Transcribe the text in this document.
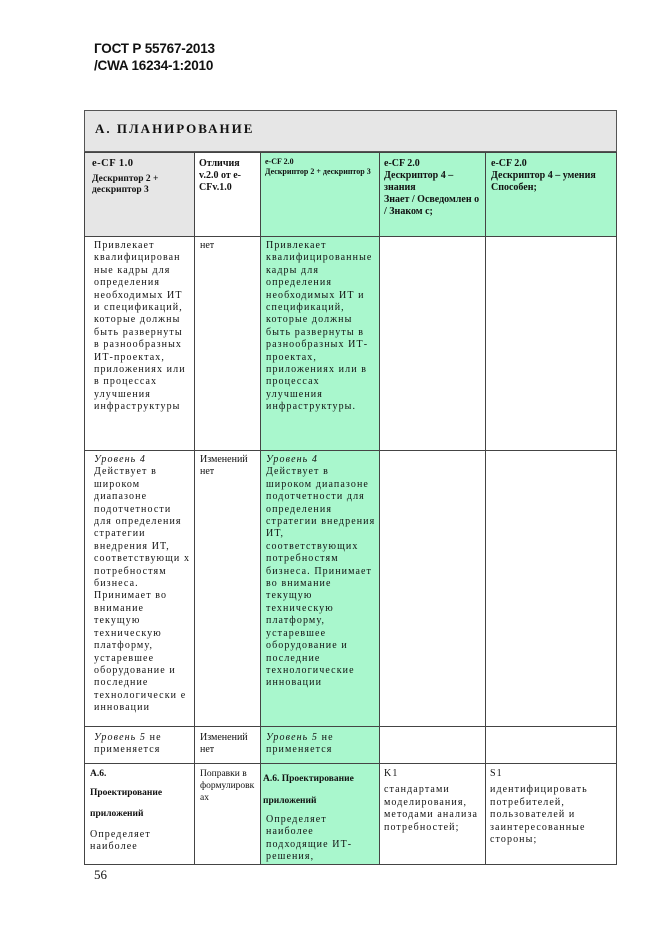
ГОСТ Р 55767-2013
/CWA 16234-1:2010
А. ПЛАНИРОВАНИЕ
e-CF 1.0
Дескриптор 2 + дескриптор 3
Отличия v.2.0 от e-CFv.1.0
e-CF 2.0
Дескриптор 2 + дескриптор 3
e-CF 2.0
Дескриптор 4 – знания
Знает / Осведомлен о / Знаком с;
e-CF 2.0
Дескриптор 4 – умения
Способен;
Привлекает квалифицирован ные кадры для определения необходимых ИТ и спецификаций, которые должны быть развернуты в разнообразных ИТ-проектах, приложениях или в процессах улучшения инфраструктуры
нет	Привлекает квалифицированные кадры для определения необходимых ИТ и спецификаций, которые должны быть развернуты в разнообразных ИТ-проектах, приложениях или в процессах улучшения инфраструктуры.
Уровень 4
Действует в широком диапазоне подотчетности для определения стратегии внедрения ИТ, соответствующи х потребностям бизнеса. Принимает во внимание текущую техническую платформу, устаревшее оборудование и последние технологически е инновации
Изменений нет
Уровень 4
Действует в широком диапазоне подотчетности для определения стратегии внедрения ИТ, соответствующих потребностям бизнеса. Принимает во внимание текущую техническую платформу, устаревшее оборудование и последние технологические инновации
Уровень 5 не применяется
Изменений нет
Уровень 5 не применяется
А.6.
Проектирование приложений
Определяет наиболее
Поправки в формулировках
А.6. Проектирование приложений
Определяет наиболее подходящие ИТ-решения,
K1
стандартами моделирования, методами анализа потребностей;
S1
идентифицировать потребителей, пользователей и заинтересованные стороны;
56
